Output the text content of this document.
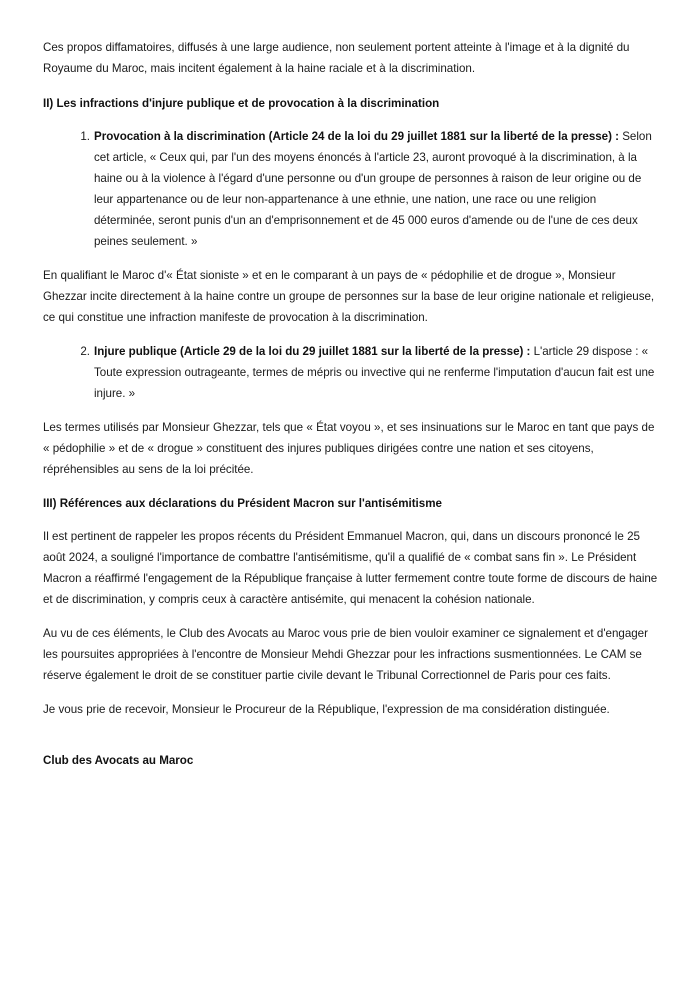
Ces propos diffamatoires, diffusés à une large audience, non seulement portent atteinte à l'image et à la dignité du Royaume du Maroc, mais incitent également à la haine raciale et à la discrimination.

II) Les infractions d'injure publique et de provocation à la discrimination
Provocation à la discrimination (Article 24 de la loi du 29 juillet 1881 sur la liberté de la presse) : Selon cet article, « Ceux qui, par l'un des moyens énoncés à l'article 23, auront provoqué à la discrimination, à la haine ou à la violence à l'égard d'une personne ou d'un groupe de personnes à raison de leur origine ou de leur appartenance ou de leur non-appartenance à une ethnie, une nation, une race ou une religion déterminée, seront punis d'un an d'emprisonnement et de 45 000 euros d'amende ou de l'une de ces deux peines seulement. »

En qualifiant le Maroc d'« État sioniste » et en le comparant à un pays de « pédophilie et de drogue », Monsieur Ghezzar incite directement à la haine contre un groupe de personnes sur la base de leur origine nationale et religieuse, ce qui constitue une infraction manifeste de provocation à la discrimination.

Injure publique (Article 29 de la loi du 29 juillet 1881 sur la liberté de la presse) : L'article 29 dispose : « Toute expression outrageante, termes de mépris ou invective qui ne renferme l'imputation d'aucun fait est une injure. »

Les termes utilisés par Monsieur Ghezzar, tels que « État voyou », et ses insinuations sur le Maroc en tant que pays de « pédophilie » et de « drogue » constituent des injures publiques dirigées contre une nation et ses citoyens, répréhensibles au sens de la loi précitée.

III) Références aux déclarations du Président Macron sur l'antisémitisme

Il est pertinent de rappeler les propos récents du Président Emmanuel Macron, qui, dans un discours prononcé le 25 août 2024, a souligné l'importance de combattre l'antisémitisme, qu'il a qualifié de « combat sans fin ». Le Président Macron a réaffirmé l'engagement de la République française à lutter fermement contre toute forme de discours de haine et de discrimination, y compris ceux à caractère antisémite, qui menacent la cohésion nationale.

Au vu de ces éléments, le Club des Avocats au Maroc vous prie de bien vouloir examiner ce signalement et d'engager les poursuites appropriées à l'encontre de Monsieur Mehdi Ghezzar pour les infractions susmentionnées. Le CAM se réserve également le droit de se constituer partie civile devant le Tribunal Correctionnel de Paris pour ces faits.

Je vous prie de recevoir, Monsieur le Procureur de la République, l'expression de ma considération distinguée.

Club des Avocats au Maroc
